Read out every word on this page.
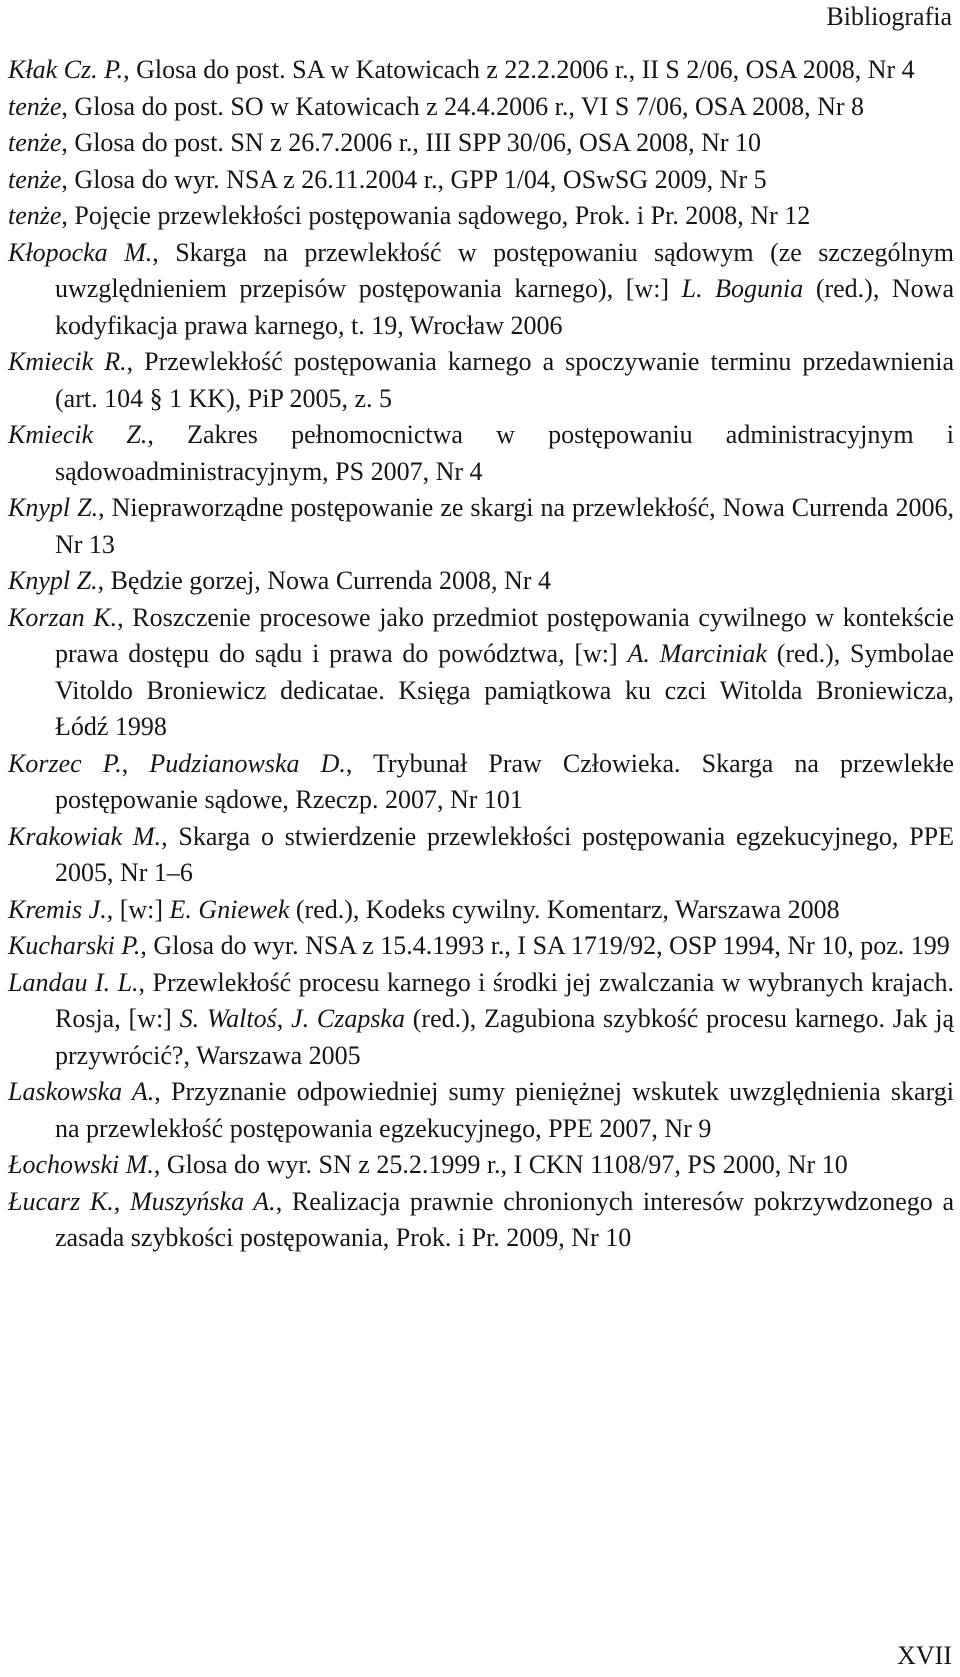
Bibliografia

Kłak Cz. P., Glosa do post. SA w Katowicach z 22.2.2006 r., II S 2/06, OSA 2008, Nr 4

tenże, Glosa do post. SO w Katowicach z 24.4.2006 r., VI S 7/06, OSA 2008, Nr 8

tenże, Glosa do post. SN z 26.7.2006 r., III SPP 30/06, OSA 2008, Nr 10

tenże, Glosa do wyr. NSA z 26.11.2004 r., GPP 1/04, OSwSG 2009, Nr 5

tenże, Pojęcie przewlekłości postępowania sądowego, Prok. i Pr. 2008, Nr 12

Kłopocka M., Skarga na przewlekłość w postępowaniu sądowym (ze szczególnym uwzględnieniem przepisów postępowania karnego), [w:] L. Bogunia (red.), Nowa kodyfikacja prawa karnego, t. 19, Wrocław 2006

Kmiecik R., Przewlekłość postępowania karnego a spoczywanie terminu przedawnienia (art. 104 § 1 KK), PiP 2005, z. 5

Kmiecik Z., Zakres pełnomocnictwa w postępowaniu administracyjnym i sądowoadministracyjnym, PS 2007, Nr 4

Knypl Z., Niepraworządne postępowanie ze skargi na przewlekłość, Nowa Currenda 2006, Nr 13

Knypl Z., Będzie gorzej, Nowa Currenda 2008, Nr 4

Korzan K., Roszczenie procesowe jako przedmiot postępowania cywilnego w kontekście prawa dostępu do sądu i prawa do powództwa, [w:] A. Marciniak (red.), Symbolae Vitoldo Broniewicz dedicatae. Księga pamiątkowa ku czci Witolda Broniewicza, Łódź 1998

Korzec P., Pudzianowska D., Trybunał Praw Człowieka. Skarga na przewlekłe postępowanie sądowe, Rzeczp. 2007, Nr 101

Krakowiak M., Skarga o stwierdzenie przewlekłości postępowania egzekucyjnego, PPE 2005, Nr 1–6

Kremis J., [w:] E. Gniewek (red.), Kodeks cywilny. Komentarz, Warszawa 2008

Kucharski P., Glosa do wyr. NSA z 15.4.1993 r., I SA 1719/92, OSP 1994, Nr 10, poz. 199

Landau I. L., Przewlekłość procesu karnego i środki jej zwalczania w wybranych krajach. Rosja, [w:] S. Waltoś, J. Czapska (red.), Zagubiona szybkość procesu karnego. Jak ją przywrócić?, Warszawa 2005

Laskowska A., Przyznanie odpowiedniej sumy pieniężnej wskutek uwzględnienia skargi na przewlekłość postępowania egzekucyjnego, PPE 2007, Nr 9

Łochowski M., Glosa do wyr. SN z 25.2.1999 r., I CKN 1108/97, PS 2000, Nr 10

Łucarz K., Muszyńska A., Realizacja prawnie chronionych interesów pokrzywdzonego a zasada szybkości postępowania, Prok. i Pr. 2009, Nr 10

XVII
